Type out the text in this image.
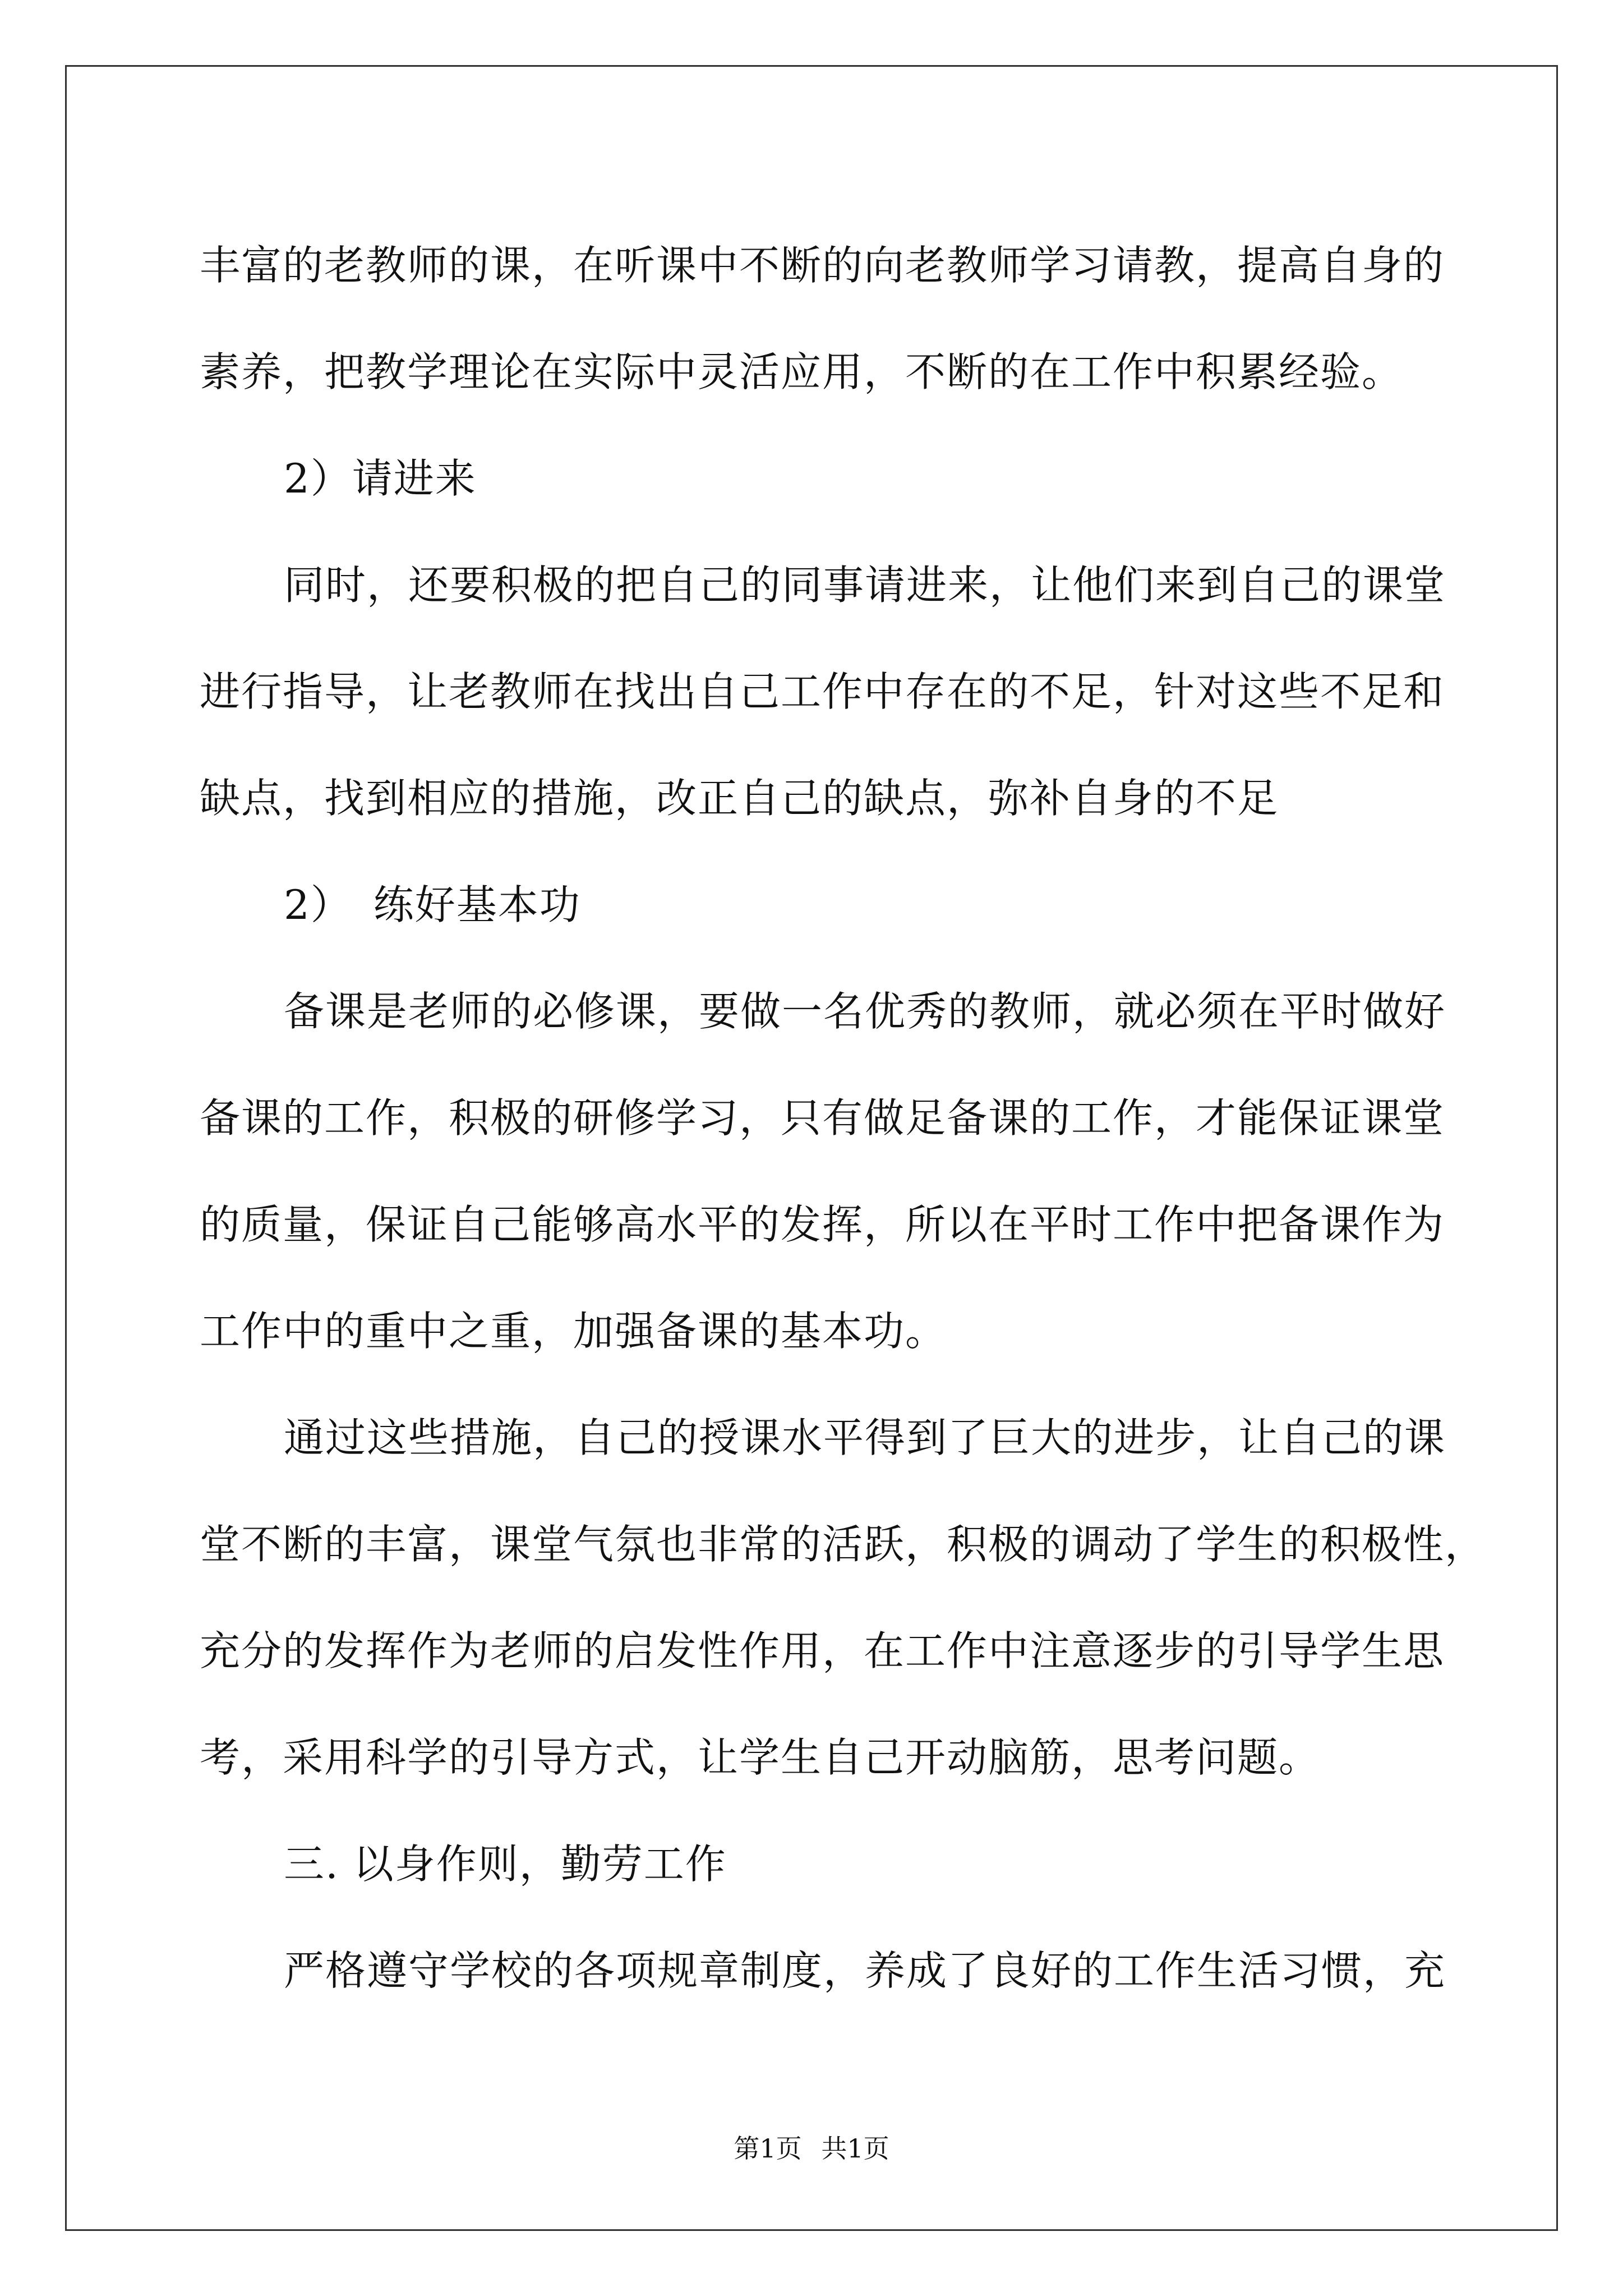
丰富的老教师的课，在听课中不断的向老教师学习请教，提高自身的
素养，把教学理论在实际中灵活应用，不断的在工作中积累经验。
2）请进来
同时，还要积极的把自己的同事请进来，让他们来到自己的课堂
进行指导，让老教师在找出自己工作中存在的不足，针对这些不足和
缺点，找到相应的措施，改正自己的缺点，弥补自身的不足
2）　练好基本功
备课是老师的必修课，要做一名优秀的教师，就必须在平时做好
备课的工作，积极的研修学习，只有做足备课的工作，才能保证课堂
的质量，保证自己能够高水平的发挥，所以在平时工作中把备课作为
工作中的重中之重，加强备课的基本功。
通过这些措施，自己的授课水平得到了巨大的进步，让自己的课
堂不断的丰富，课堂气氛也非常的活跃，积极的调动了学生的积极性，
充分的发挥作为老师的启发性作用，在工作中注意逐步的引导学生思
考，采用科学的引导方式，让学生自己开动脑筋，思考问题。
三. 以身作则，勤劳工作
严格遵守学校的各项规章制度，养成了良好的工作生活习惯，充
第1页 共1页
